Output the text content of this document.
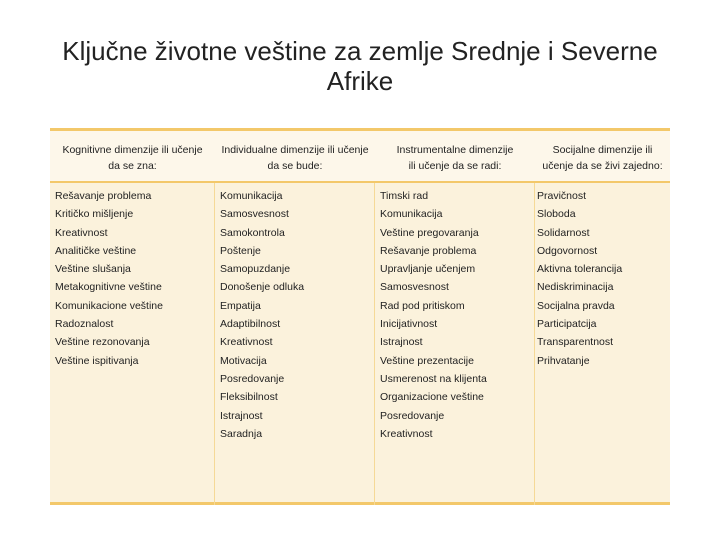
Ključne životne veštine za zemlje Srednje i Severne
Afrike
Kognitivne dimenzije ili učenje
da se zna:
Individualne dimenzije ili učenje
da se bude:
Instrumentalne dimenzije
ili učenje da se radi:
Socijalne dimenzije ili
učenje da se živi zajedno:
Rešavanje problema
Kritičko mišljenje
Kreativnost
Analitičke veštine
Veštine slušanja
Metakognitivne veštine
Komunikacione veštine
Radoznalost
Veštine rezonovanja
Veštine ispitivanja
Komunikacija
Samosvesnost
Samokontrola
Poštenje
Samopuzdanje
Donošenje odluka
Empatija
Adaptibilnost
Kreativnost
Motivacija
Posredovanje
Fleksibilnost
Istrajnost
Saradnja
Timski rad
Komunikacija
Veštine pregovaranja
Rešavanje problema
Upravljanje učenjem
Samosvesnost
Rad pod pritiskom
Inicijativnost
Istrajnost
Veštine prezentacije
Usmerenost na klijenta
Organizacione veštine
Posredovanje
Kreativnost
Pravičnost
Sloboda
Solidarnost
Odgovornost
Aktivna tolerancija
Nediskriminacija
Socijalna pravda
Participatcija
Transparentnost
Prihvatanje
